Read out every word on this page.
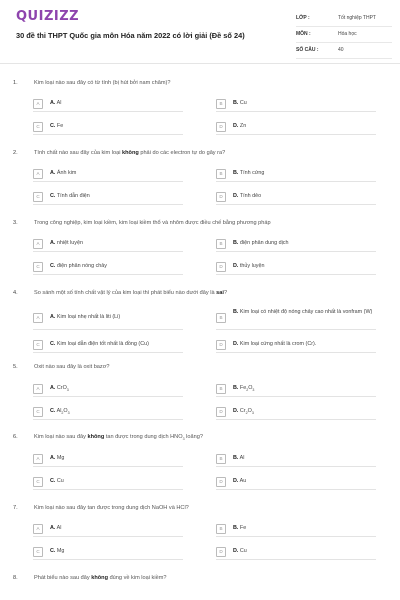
QUIZIZZ
30 đề thi THPT Quốc gia môn Hóa năm 2022 có lời giải (Đề số 24)
LỚP :	Tốt nghiệp THPT
MÔN :	Hóa học
SỐ CÂU :	40
1.	Kim loại nào sau đây có từ tính (bị hút bởi nam châm)?
A	A. Al	B	B. Cu
C	C. Fe	D	D. Zn
2.	Tính chất nào sau đây của kim loại không phải do các electron tự do gây ra?
A	A. Ánh kim	B	B. Tính cứng
C	C. Tính dẫn điện	D	D. Tính dẻo
3.	Trong công nghiệp, kim loại kiềm, kim loại kiềm thổ và nhôm được điều chế bằng phương pháp
A	A. nhiệt luyện	B	B. điện phân dung dịch
C	C. điện phân nóng chảy	D	D. thủy luyện
4.	So sánh một số tính chất vật lý của kim loại thì phát biểu nào dưới đây là sai?
A	A. Kim loại nhẹ nhất là liti (Li)	B
B. Kim loại có nhiệt độ nóng chảy cao nhất là vonfram (W)
C	C. Kim loại dẫn điện tốt nhất là đồng (Cu)	D	D. Kim loại cứng nhất là crom (Cr).
5.	Oxit nào sau đây là oxit bazơ?
A	A. CrO$_3$	B	B. $Fe_2O_3$
C	C. $Al_2O_3$	D	D. $Cr_2O_3$
6.	Kim loại nào sau đây không tan được trong dung dịch $HNO_3$ loãng?
A	A. Mg	B	B. Al
C	C. Cu	D	D. Au
7.	Kim loại nào sau đây tan được trong dung dịch NaOH và HCl?
A	A. Al	B	B. Fe
C	C. Mg	D	D. Cu
8.	Phát biểu nào sau đây không đúng về kim loại kiềm?
